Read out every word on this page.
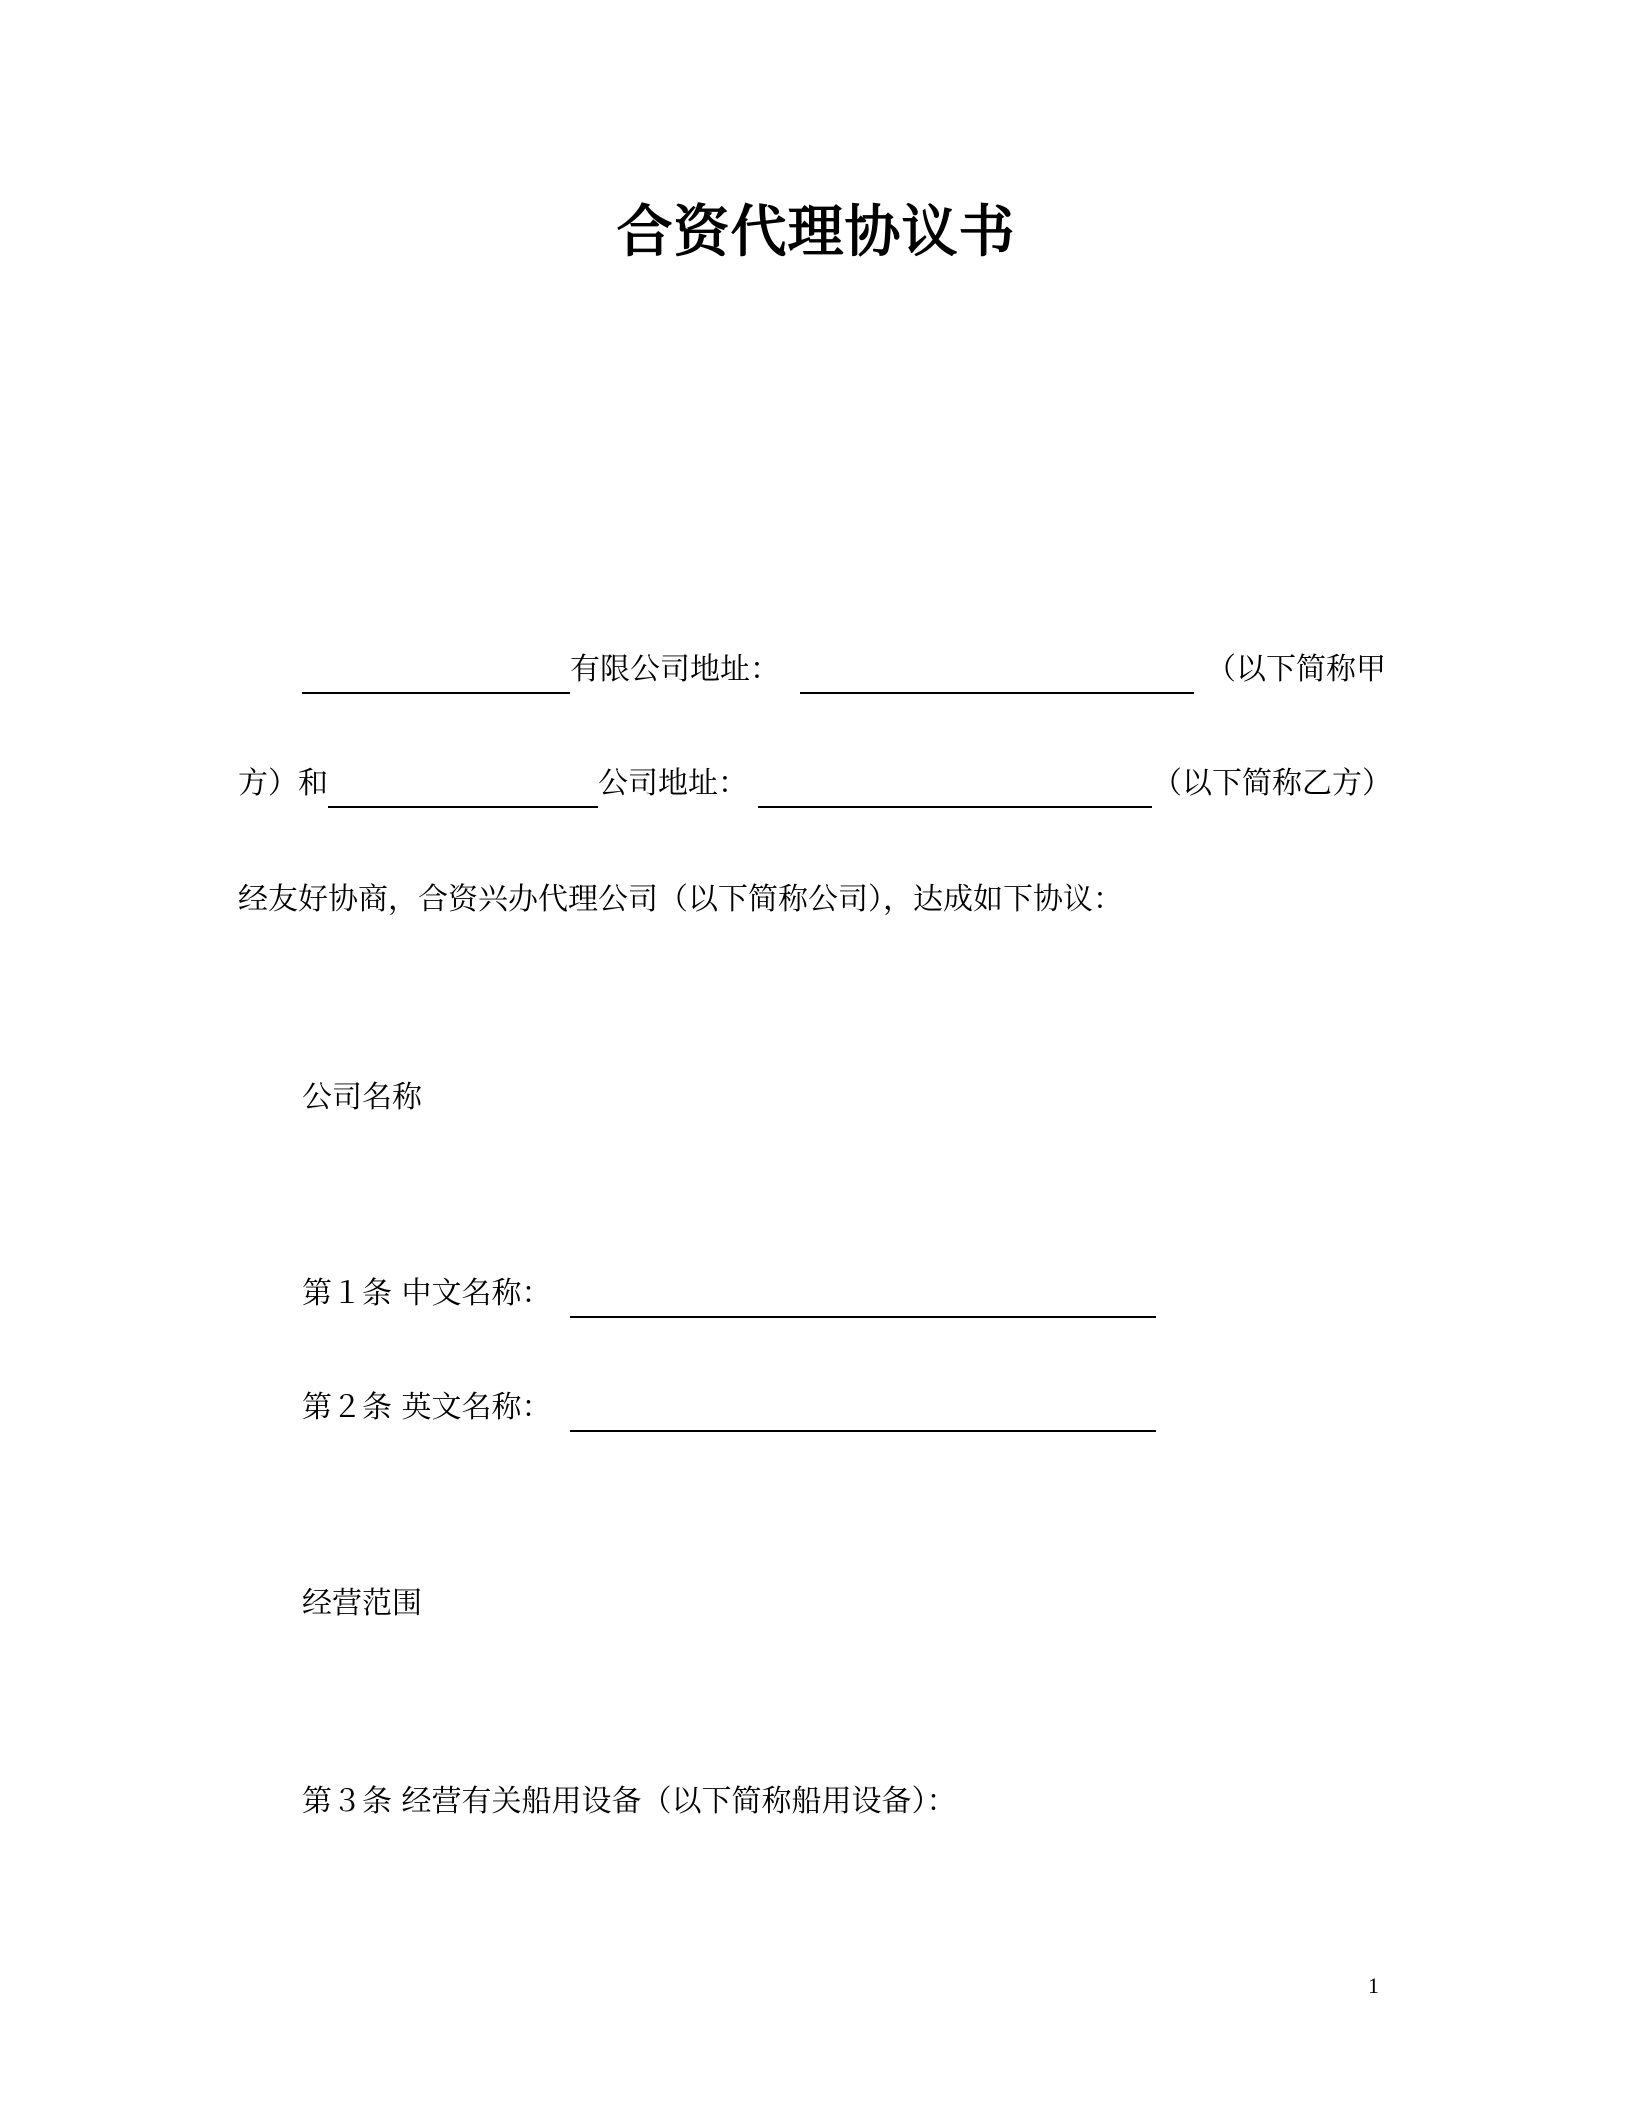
合资代理协议书
有限公司地址：	（以下简称甲
方）和	公司地址：	（以下简称乙方）
经友好协商，合资兴办代理公司（以下简称公司），达成如下协议：
公司名称
第１条 中文名称：
第２条 英文名称：
经营范围
第３条 经营有关船用设备（以下简称船用设备）：
1
